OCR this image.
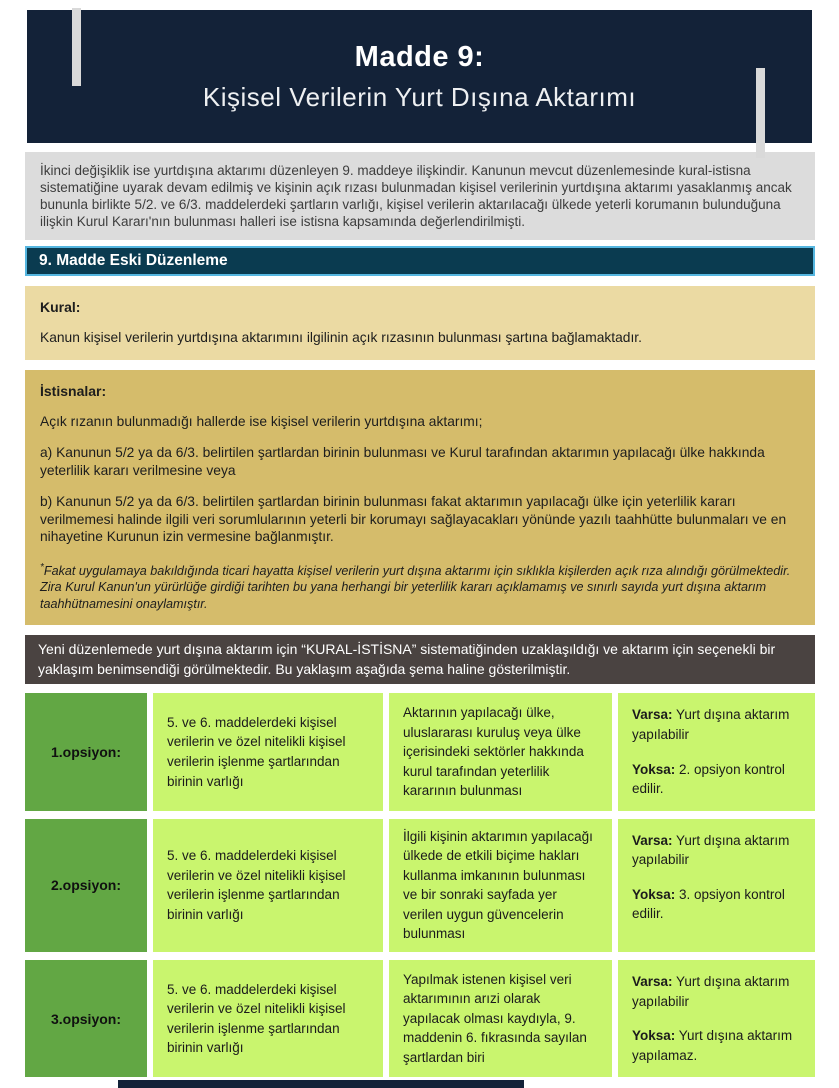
Madde 9:
Kişisel Verilerin Yurt Dışına Aktarımı
İkinci değişiklik ise yurtdışına aktarımı düzenleyen 9. maddeye ilişkindir. Kanunun mevcut düzenlemesinde kural-istisna sistematiğine uyarak devam edilmiş ve kişinin açık rızası bulunmadan kişisel verilerinin yurtdışına aktarımı yasaklanmış ancak bununla birlikte 5/2. ve 6/3. maddelerdeki şartların varlığı, kişisel verilerin aktarılacağı ülkede yeterli korumanın bulunduğuna ilişkin Kurul Kararı'nın bulunması halleri ise istisna kapsamında değerlendirilmişti.
9. Madde Eski Düzenleme
Kural:
Kanun kişisel verilerin yurtdışına aktarımını ilgilinin açık rızasının bulunması şartına bağlamaktadır.
İstisnalar:
Açık rızanın bulunmadığı hallerde ise kişisel verilerin yurtdışına aktarımı;
a) Kanunun 5/2 ya da 6/3. belirtilen şartlardan birinin bulunması ve Kurul tarafından aktarımın yapılacağı ülke hakkında yeterlilik kararı verilmesine veya
b) Kanunun 5/2 ya da 6/3. belirtilen şartlardan birinin bulunması fakat aktarımın yapılacağı ülke için yeterlilik kararı verilmemesi halinde ilgili veri sorumlularının yeterli bir korumayı sağlayacakları yönünde yazılı taahhütte bulunmaları ve en nihayetine Kurunun izin vermesine bağlanmıştır.
*Fakat uygulamaya bakıldığında ticari hayatta kişisel verilerin yurt dışına aktarımı için sıklıkla kişilerden açık rıza alındığı görülmektedir. Zira Kurul Kanun'un yürürlüğe girdiği tarihten bu yana herhangi bir yeterlilik kararı açıklamamış ve sınırlı sayıda yurt dışına aktarım taahhütnamesini onaylamıştır.
Yeni düzenlemede yurt dışına aktarım için “KURAL-İSTİSNA” sistematiğinden uzaklaşıldığı ve aktarım için seçenekli bir yaklaşım benimsendiği görülmektedir. Bu yaklaşım aşağıda şema haline gösterilmiştir.
1.opsiyon:
5. ve 6. maddelerdeki kişisel verilerin ve özel nitelikli kişisel verilerin işlenme şartlarından birinin varlığı
Aktarının yapılacağı ülke, uluslararası kuruluş veya ülke içerisindeki sektörler hakkında kurul tarafından yeterlilik kararının bulunması

Varsa: Yurt dışına aktarım yapılabilir

Yoksa: 2. opsiyon kontrol edilir.

2.opsiyon:
5. ve 6. maddelerdeki kişisel verilerin ve özel nitelikli kişisel verilerin işlenme şartlarından birinin varlığı
İlgili kişinin aktarımın yapılacağı ülkede de etkili biçime hakları kullanma imkanının bulunması ve bir sonraki sayfada yer verilen uygun güvencelerin bulunması

Varsa: Yurt dışına aktarım yapılabilir

Yoksa: 3. opsiyon kontrol edilir.

3.opsiyon:
5. ve 6. maddelerdeki kişisel verilerin ve özel nitelikli kişisel verilerin işlenme şartlarından birinin varlığı
Yapılmak istenen kişisel veri aktarımının arızi olarak yapılacak olması kaydıyla, 9. maddenin 6. fıkrasında sayılan şartlardan biri

Varsa: Yurt dışına aktarım yapılabilir

Yoksa: Yurt dışına aktarım yapılamaz.
